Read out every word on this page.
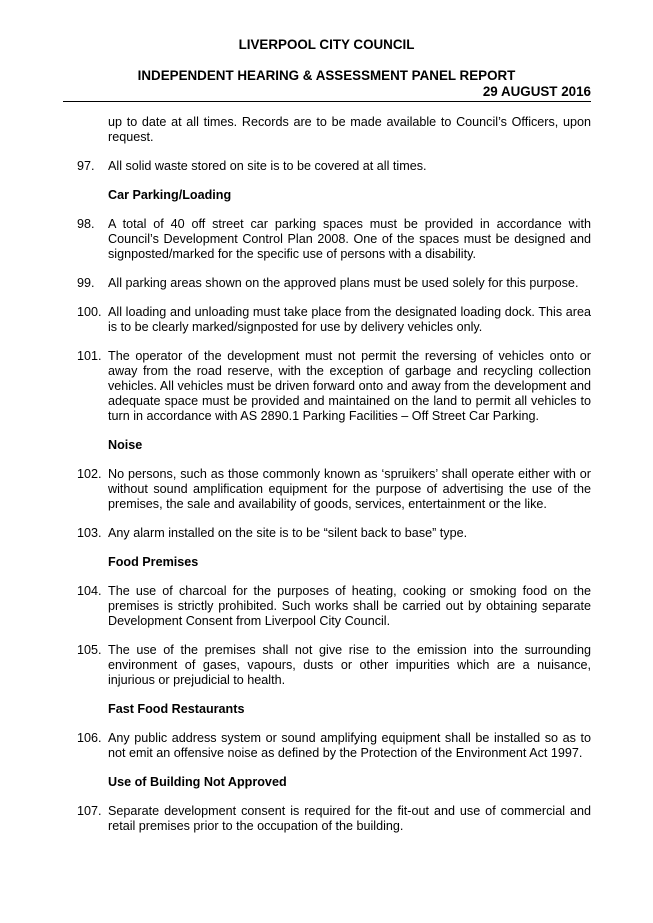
LIVERPOOL CITY COUNCIL
INDEPENDENT HEARING & ASSESSMENT PANEL REPORT
29 AUGUST 2016
up to date at all times. Records are to be made available to Council’s Officers, upon request.
97.	All solid waste stored on site is to be covered at all times.
Car Parking/Loading
98.	A total of 40 off street car parking spaces must be provided in accordance with Council’s Development Control Plan 2008. One of the spaces must be designed and signposted/marked for the specific use of persons with a disability.
99.	All parking areas shown on the approved plans must be used solely for this purpose.
100. All loading and unloading must take place from the designated loading dock. This area is to be clearly marked/signposted for use by delivery vehicles only.
101. The operator of the development must not permit the reversing of vehicles onto or away from the road reserve, with the exception of garbage and recycling collection vehicles. All vehicles must be driven forward onto and away from the development and adequate space must be provided and maintained on the land to permit all vehicles to turn in accordance with AS 2890.1 Parking Facilities – Off Street Car Parking.
Noise
102. No persons, such as those commonly known as ‘spruikers’ shall operate either with or without sound amplification equipment for the purpose of advertising the use of the premises, the sale and availability of goods, services, entertainment or the like.
103. Any alarm installed on the site is to be “silent back to base” type.
Food Premises
104. The use of charcoal for the purposes of heating, cooking or smoking food on the premises is strictly prohibited. Such works shall be carried out by obtaining separate Development Consent from Liverpool City Council.
105. The use of the premises shall not give rise to the emission into the surrounding environment of gases, vapours, dusts or other impurities which are a nuisance, injurious or prejudicial to health.
Fast Food Restaurants
106. Any public address system or sound amplifying equipment shall be installed so as to not emit an offensive noise as defined by the Protection of the Environment Act 1997.
Use of Building Not Approved
107. Separate development consent is required for the fit-out and use of commercial and retail premises prior to the occupation of the building.
